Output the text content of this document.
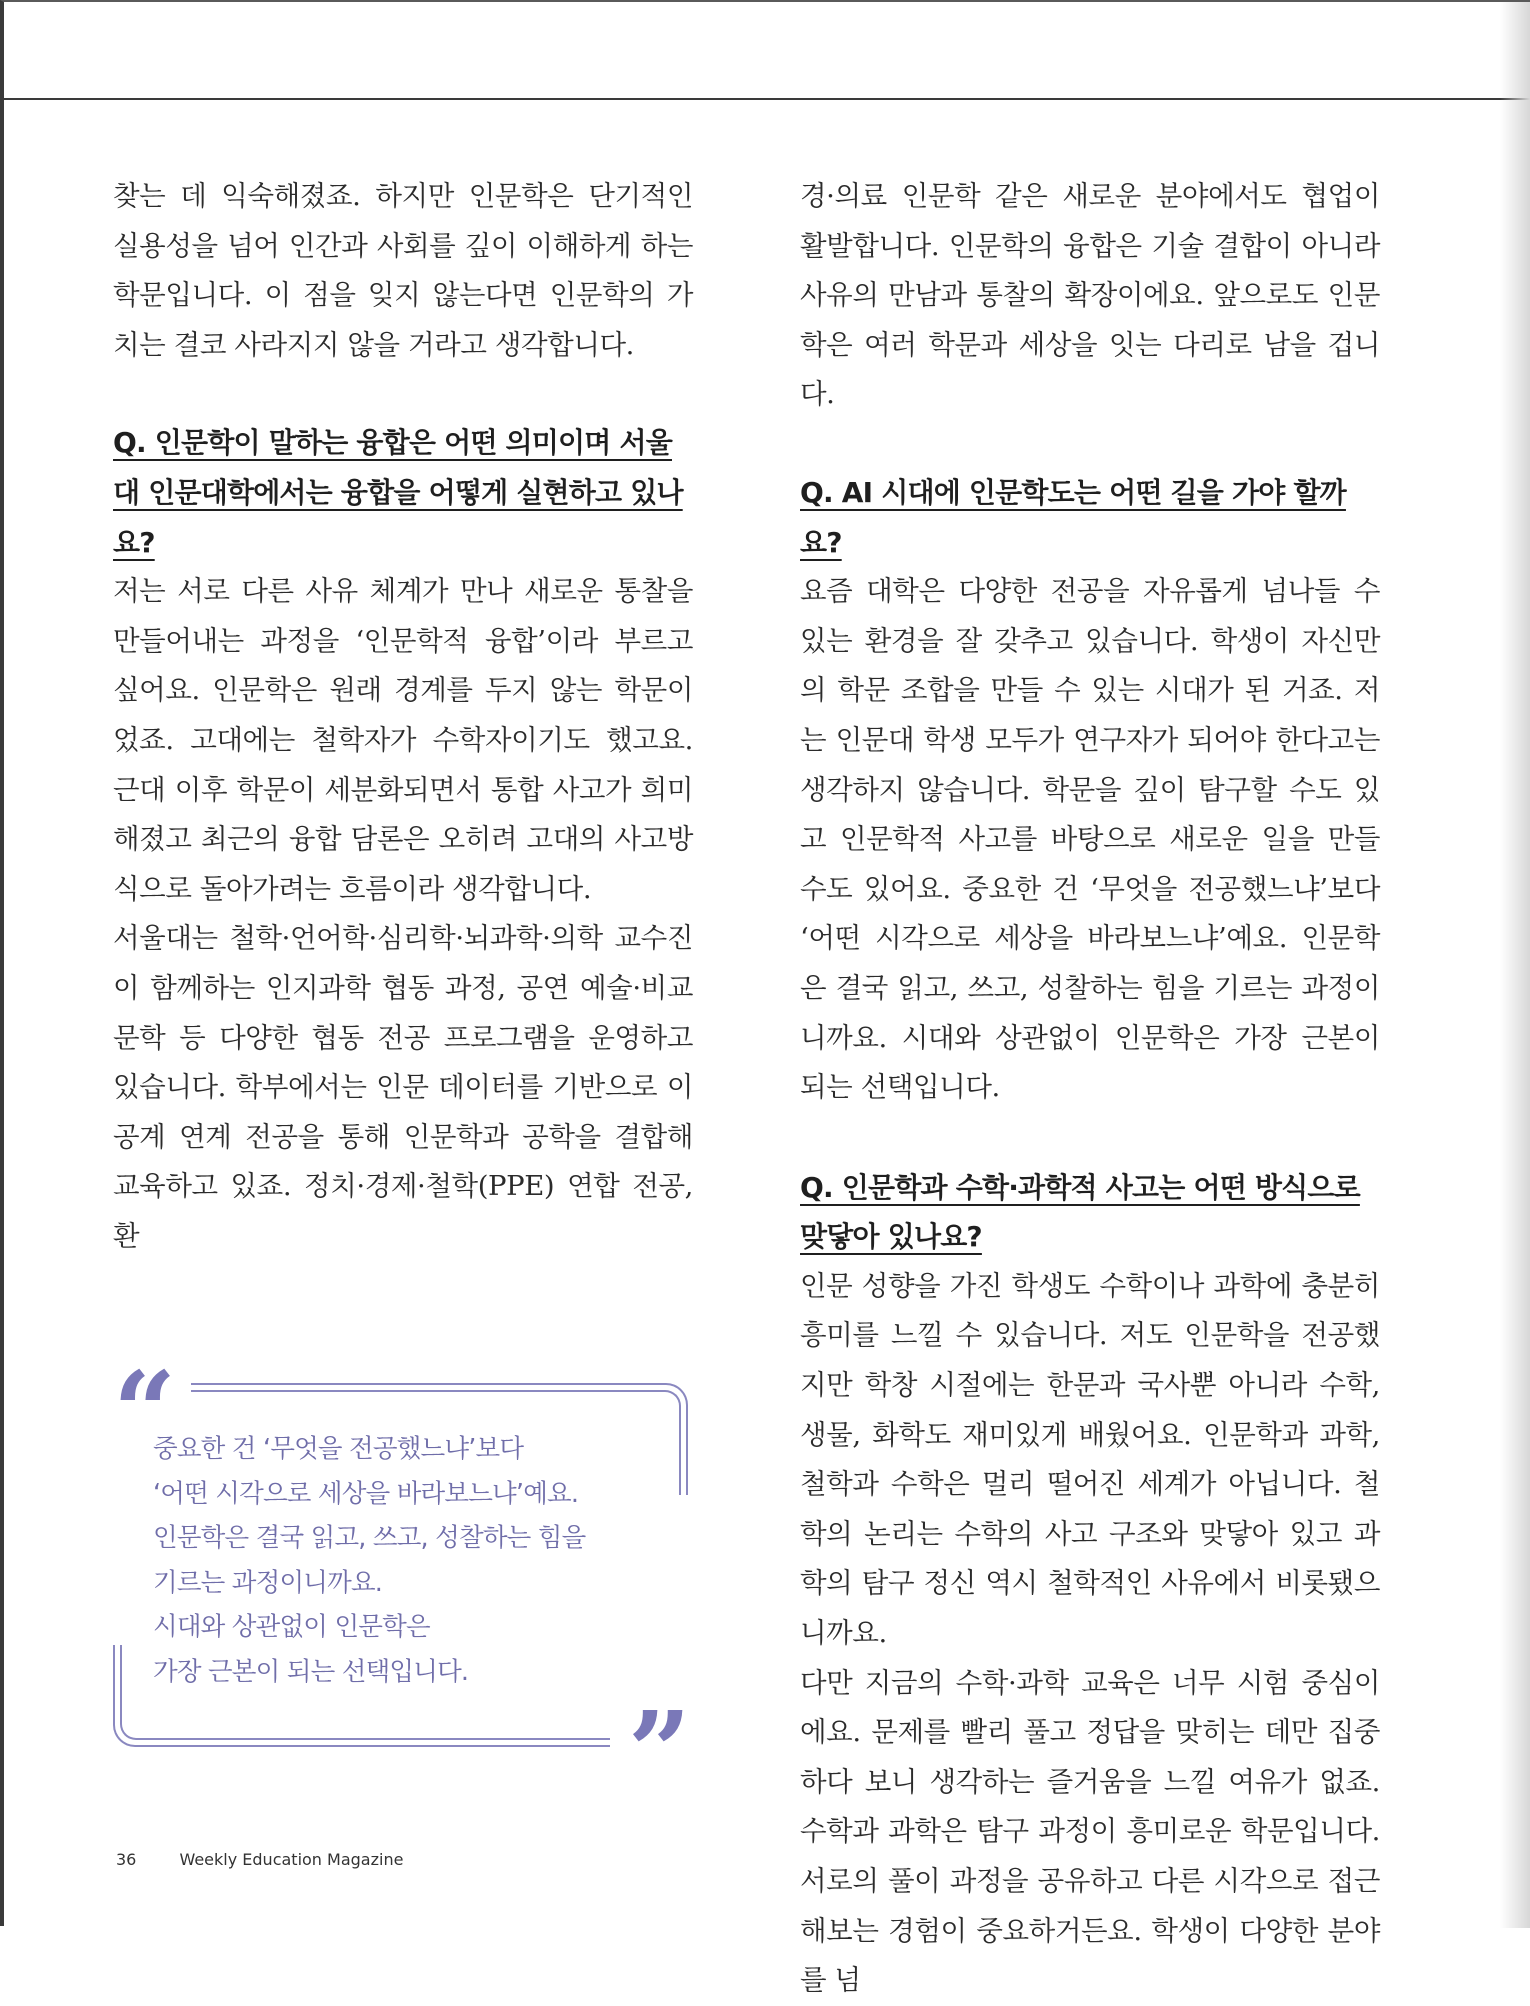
찾는 데 익숙해졌죠. 하지만 인문학은 단기적인 실용성을 넘어 인간과 사회를 깊이 이해하게 하는 학문입니다. 이 점을 잊지 않는다면 인문학의 가치는 결코 사라지지 않을 거라고 생각합니다.

Q. 인문학이 말하는 융합은 어떤 의미이며 서울대 인문대학에서는 융합을 어떻게 실현하고 있나요?

저는 서로 다른 사유 체계가 만나 새로운 통찰을 만들어내는 과정을 ‘인문학적 융합’이라 부르고 싶어요. 인문학은 원래 경계를 두지 않는 학문이었죠. 고대에는 철학자가 수학자이기도 했고요. 근대 이후 학문이 세분화되면서 통합 사고가 희미해졌고 최근의 융합 담론은 오히려 고대의 사고방식으로 돌아가려는 흐름이라 생각합니다.

서울대는 철학·언어학·심리학·뇌과학·의학 교수진이 함께하는 인지과학 협동 과정, 공연 예술·비교 문학 등 다양한 협동 전공 프로그램을 운영하고 있습니다. 학부에서는 인문 데이터를 기반으로 이공계 연계 전공을 통해 인문학과 공학을 결합해 교육하고 있죠. 정치·경제·철학(PPE) 연합 전공, 환

경·의료 인문학 같은 새로운 분야에서도 협업이 활발합니다. 인문학의 융합은 기술 결합이 아니라 사유의 만남과 통찰의 확장이에요. 앞으로도 인문학은 여러 학문과 세상을 잇는 다리로 남을 겁니다.

Q. AI 시대에 인문학도는 어떤 길을 가야 할까요?

요즘 대학은 다양한 전공을 자유롭게 넘나들 수 있는 환경을 잘 갖추고 있습니다. 학생이 자신만의 학문 조합을 만들 수 있는 시대가 된 거죠. 저는 인문대 학생 모두가 연구자가 되어야 한다고는 생각하지 않습니다. 학문을 깊이 탐구할 수도 있고 인문학적 사고를 바탕으로 새로운 일을 만들 수도 있어요. 중요한 건 ‘무엇을 전공했느냐’보다 ‘어떤 시각으로 세상을 바라보느냐’예요. 인문학은 결국 읽고, 쓰고, 성찰하는 힘을 기르는 과정이니까요. 시대와 상관없이 인문학은 가장 근본이 되는 선택입니다.

Q. 인문학과 수학·과학적 사고는 어떤 방식으로 맞닿아 있나요?

인문 성향을 가진 학생도 수학이나 과학에 충분히 흥미를 느낄 수 있습니다. 저도 인문학을 전공했지만 학창 시절에는 한문과 국사뿐 아니라 수학, 생물, 화학도 재미있게 배웠어요. 인문학과 과학, 철학과 수학은 멀리 떨어진 세계가 아닙니다. 철학의 논리는 수학의 사고 구조와 맞닿아 있고 과학의 탐구 정신 역시 철학적인 사유에서 비롯됐으니까요.

다만 지금의 수학·과학 교육은 너무 시험 중심이에요. 문제를 빨리 풀고 정답을 맞히는 데만 집중하다 보니 생각하는 즐거움을 느낄 여유가 없죠. 수학과 과학은 탐구 과정이 흥미로운 학문입니다. 서로의 풀이 과정을 공유하고 다른 시각으로 접근해보는 경험이 중요하거든요. 학생이 다양한 분야를 넘

“
”
중요한 건 ‘무엇을 전공했느냐’보다
‘어떤 시각으로 세상을 바라보느냐’예요.
인문학은 결국 읽고, 쓰고, 성찰하는 힘을
기르는 과정이니까요.
시대와 상관없이 인문학은
가장 근본이 되는 선택입니다.
36	Weekly Education Magazine
